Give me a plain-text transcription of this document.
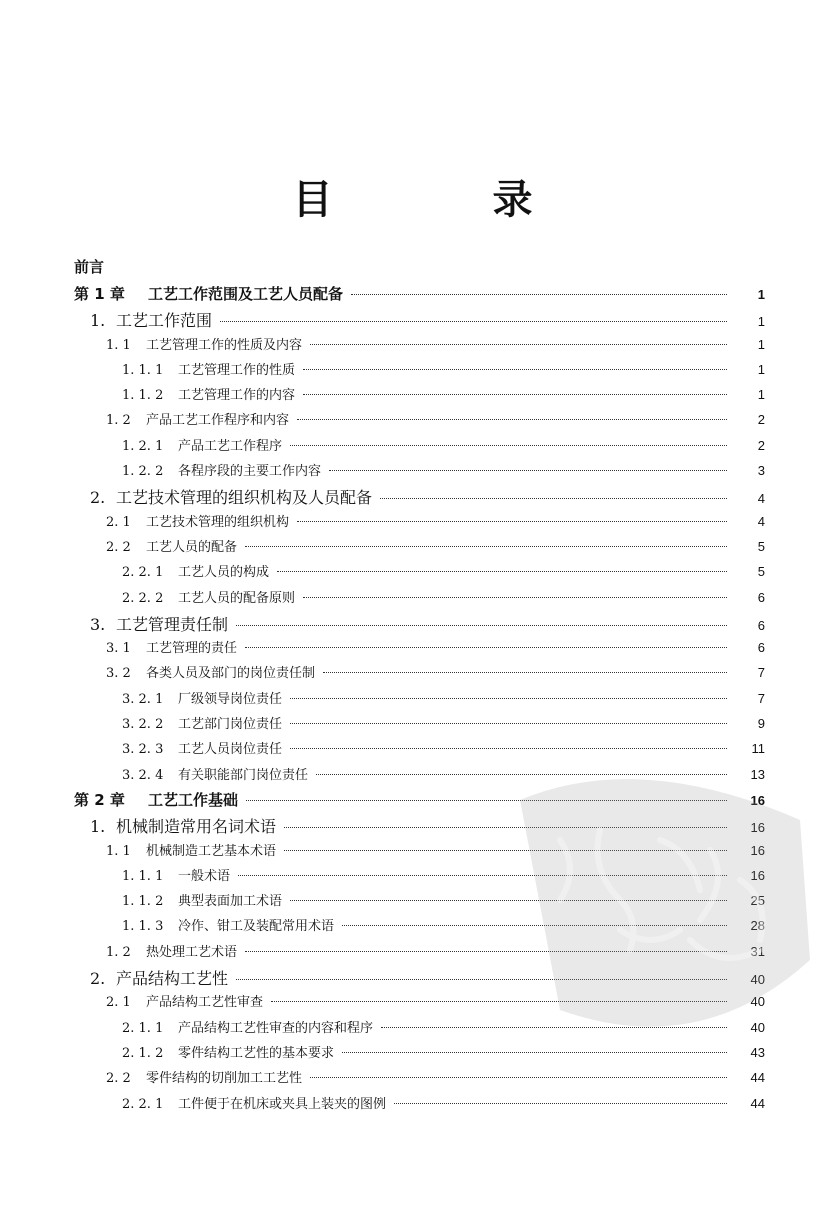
目　录
前言
第 1 章	工艺工作范围及工艺人员配备	1
1. 工艺工作范围	1
1. 1	工艺管理工作的性质及内容	1
1. 1. 1	工艺管理工作的性质	1
1. 1. 2	工艺管理工作的内容	1
1. 2	产品工艺工作程序和内容	2
1. 2. 1	产品工艺工作程序	2
1. 2. 2	各程序段的主要工作内容	3
2. 工艺技术管理的组织机构及人员配备	4
2. 1	工艺技术管理的组织机构	4
2. 2	工艺人员的配备	5
2. 2. 1	工艺人员的构成	5
2. 2. 2	工艺人员的配备原则	6
3. 工艺管理责任制	6
3. 1	工艺管理的责任	6
3. 2	各类人员及部门的岗位责任制	7
3. 2. 1	厂级领导岗位责任	7
3. 2. 2	工艺部门岗位责任	9
3. 2. 3	工艺人员岗位责任	11
3. 2. 4	有关职能部门岗位责任	13
第 2 章	工艺工作基础	16
1. 机械制造常用名词术语	16
1. 1	机械制造工艺基本术语	16
1. 1. 1	一般术语	16
1. 1. 2	典型表面加工术语	25
1. 1. 3	冷作、钳工及装配常用术语	28
1. 2	热处理工艺术语	31
2. 产品结构工艺性	40
2. 1	产品结构工艺性审查	40
2. 1. 1	产品结构工艺性审查的内容和程序	40
2. 1. 2	零件结构工艺性的基本要求	43
2. 2	零件结构的切削加工工艺性	44
2. 2. 1	工件便于在机床或夹具上装夹的图例	44
